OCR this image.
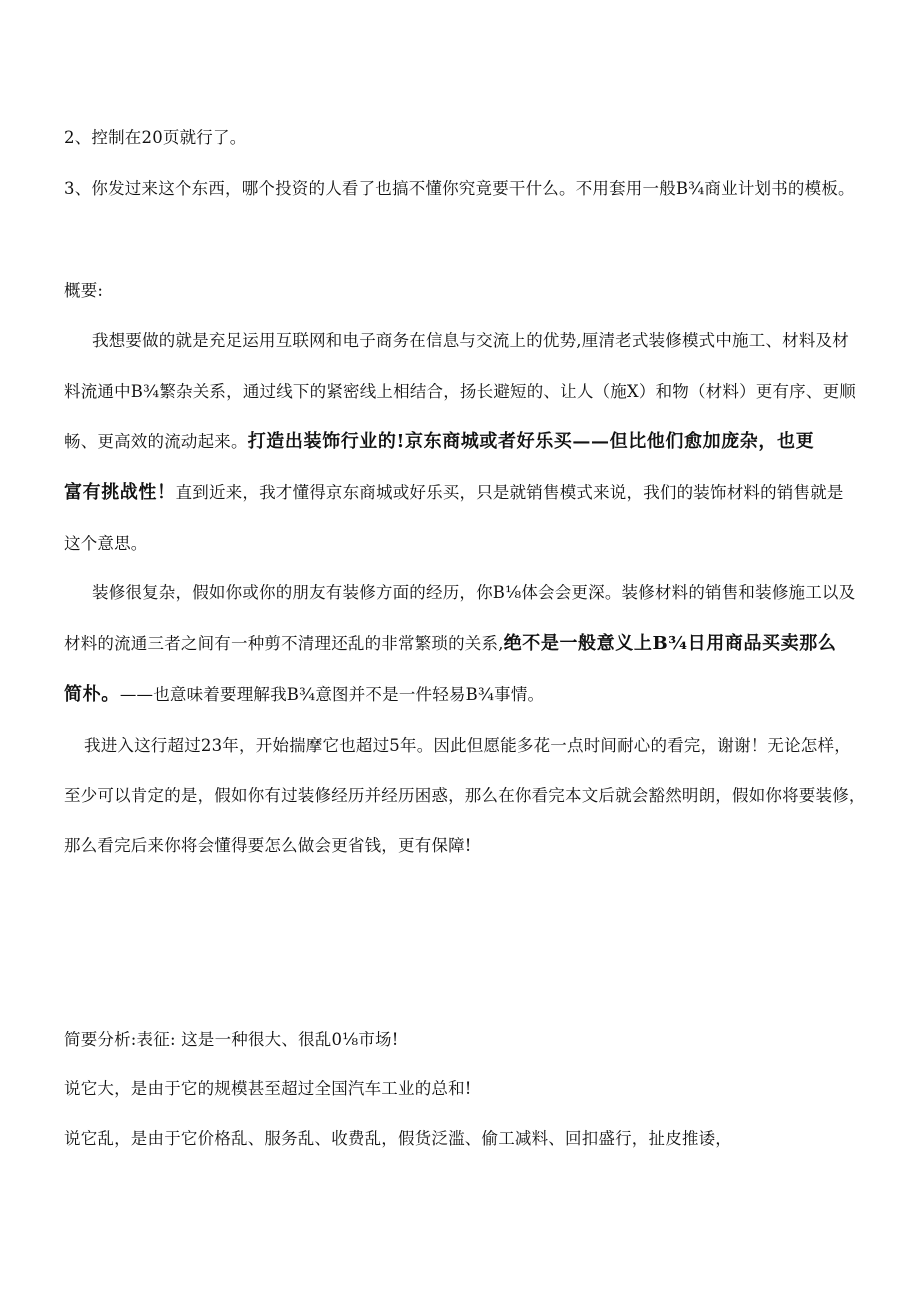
2、控制在20页就行了。
3、你发过来这个东西，哪个投资的人看了也搞不懂你究竟要干什么。不用套用一般B¾商业计划书的模板。
概要:
我想要做的就是充足运用互联网和电子商务在信息与交流上的优势,厘清老式装修模式中施工、材料及材
料流通中B¾繁杂关系，通过线下的紧密线上相结合，扬长避短的、让人（施X）和物（材料）更有序、更顺
畅、更高效的流动起来。打造出装饰行业的!京东商城或者好乐买——但比他们愈加庞杂，也更
富有挑战性！直到近来，我才懂得京东商城或好乐买，只是就销售模式来说，我们的装饰材料的销售就是
这个意思。
装修很复杂，假如你或你的朋友有装修方面的经历，你B⅛体会会更深。装修材料的销售和装修施工以及
材料的流通三者之间有一种剪不清理还乱的非常繁琐的关系,绝不是一般意义上B¾日用商品买卖那么
简朴。——也意味着要理解我B¾意图并不是一件轻易B¾事情。
我进入这行超过23年，开始揣摩它也超过5年。因此但愿能多花一点时间耐心的看完，谢谢！无论怎样，
至少可以肯定的是，假如你有过装修经历并经历困惑，那么在你看完本文后就会豁然明朗，假如你将要装修，
那么看完后来你将会懂得要怎么做会更省钱，更有保障!
简要分析:表征: 这是一种很大、很乱0⅛市场!
说它大，是由于它的规模甚至超过全国汽车工业的总和!
说它乱，是由于它价格乱、服务乱、收费乱，假货泛滥、偷工减料、回扣盛行，扯皮推诿，
